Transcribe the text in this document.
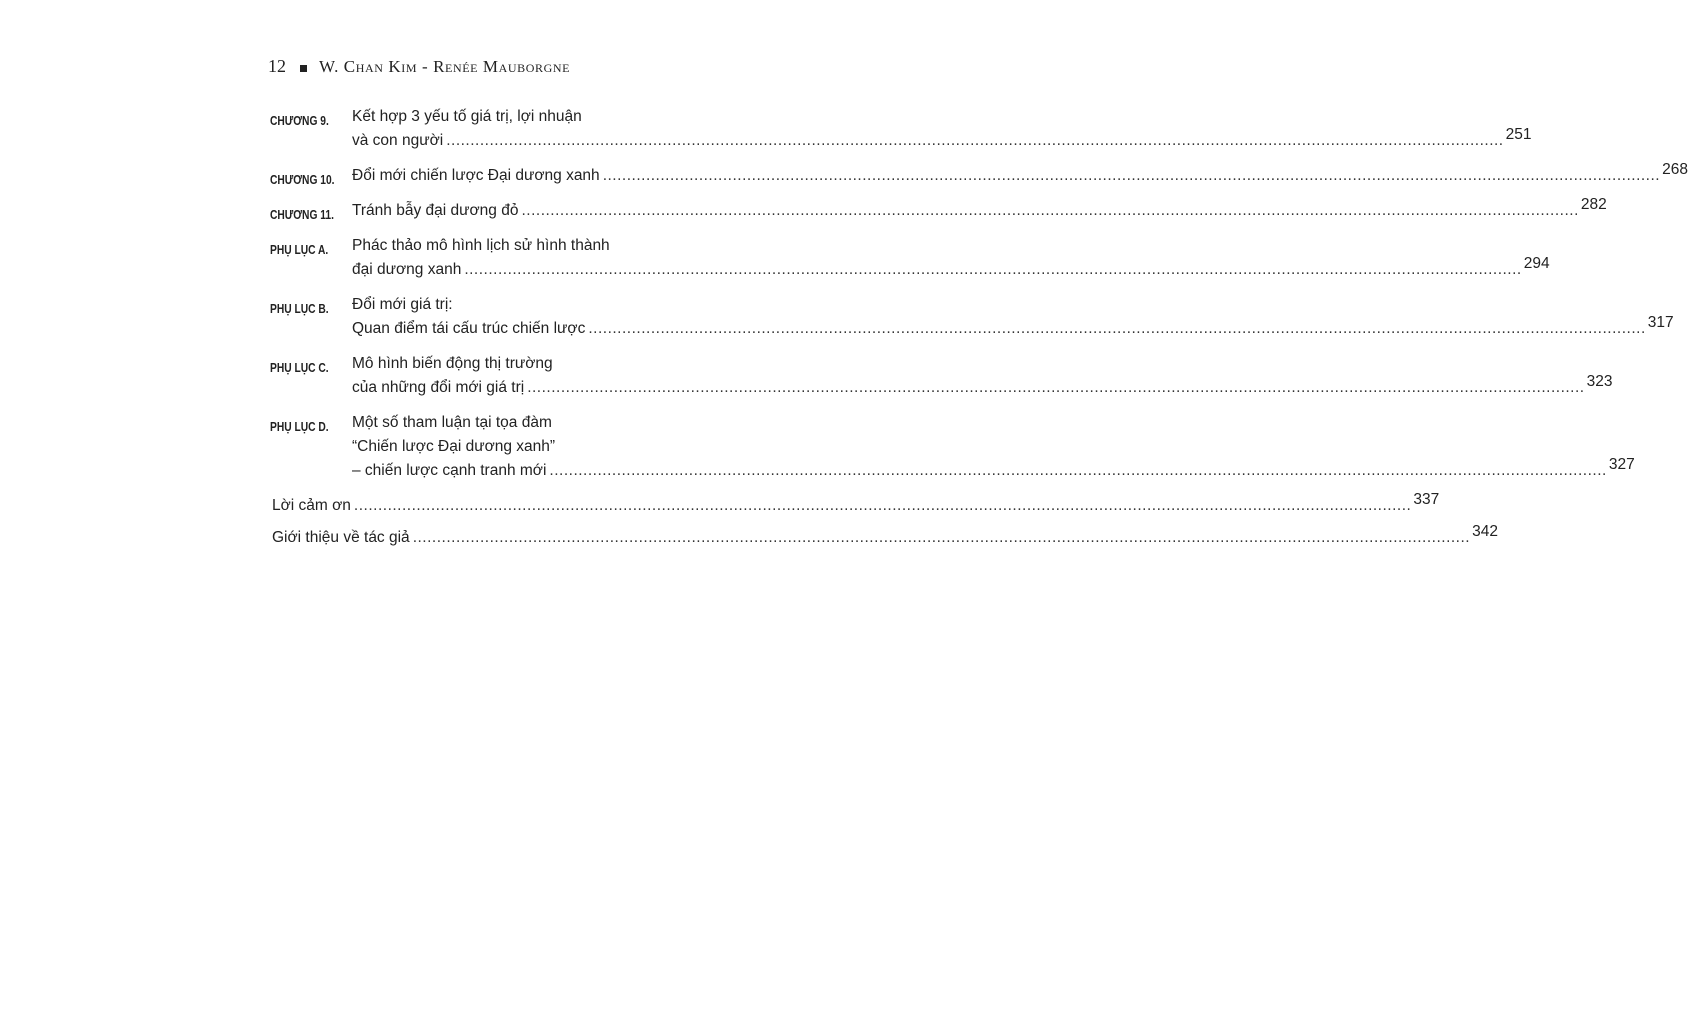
12 W. Chan Kim - Renée Mauborgne
CHƯƠNG 9. Kết hợp 3 yếu tố giá trị, lợi nhuận
và con người ............................................................................................................................................................................................................................ 251
CHƯƠNG 10. Đổi mới chiến lược Đại dương xanh ............................................................................................................................................................................................................................ 268
CHƯƠNG 11. Tránh bẫy đại dương đỏ ............................................................................................................................................................................................................................ 282
PHỤ LỤC A. Phác thảo mô hình lịch sử hình thành
đại dương xanh ............................................................................................................................................................................................................................ 294
PHỤ LỤC B. Đổi mới giá trị:
Quan điểm tái cấu trúc chiến lược ............................................................................................................................................................................................................................ 317
PHỤ LỤC C. Mô hình biến động thị trường
của những đổi mới giá trị ............................................................................................................................................................................................................................ 323
PHỤ LỤC D. Một số tham luận tại tọa đàm
“Chiến lược Đại dương xanh”
– chiến lược cạnh tranh mới ............................................................................................................................................................................................................................ 327
Lời cảm ơn ............................................................................................................................................................................................................................ 337
Giới thiệu về tác giả ............................................................................................................................................................................................................................ 342
